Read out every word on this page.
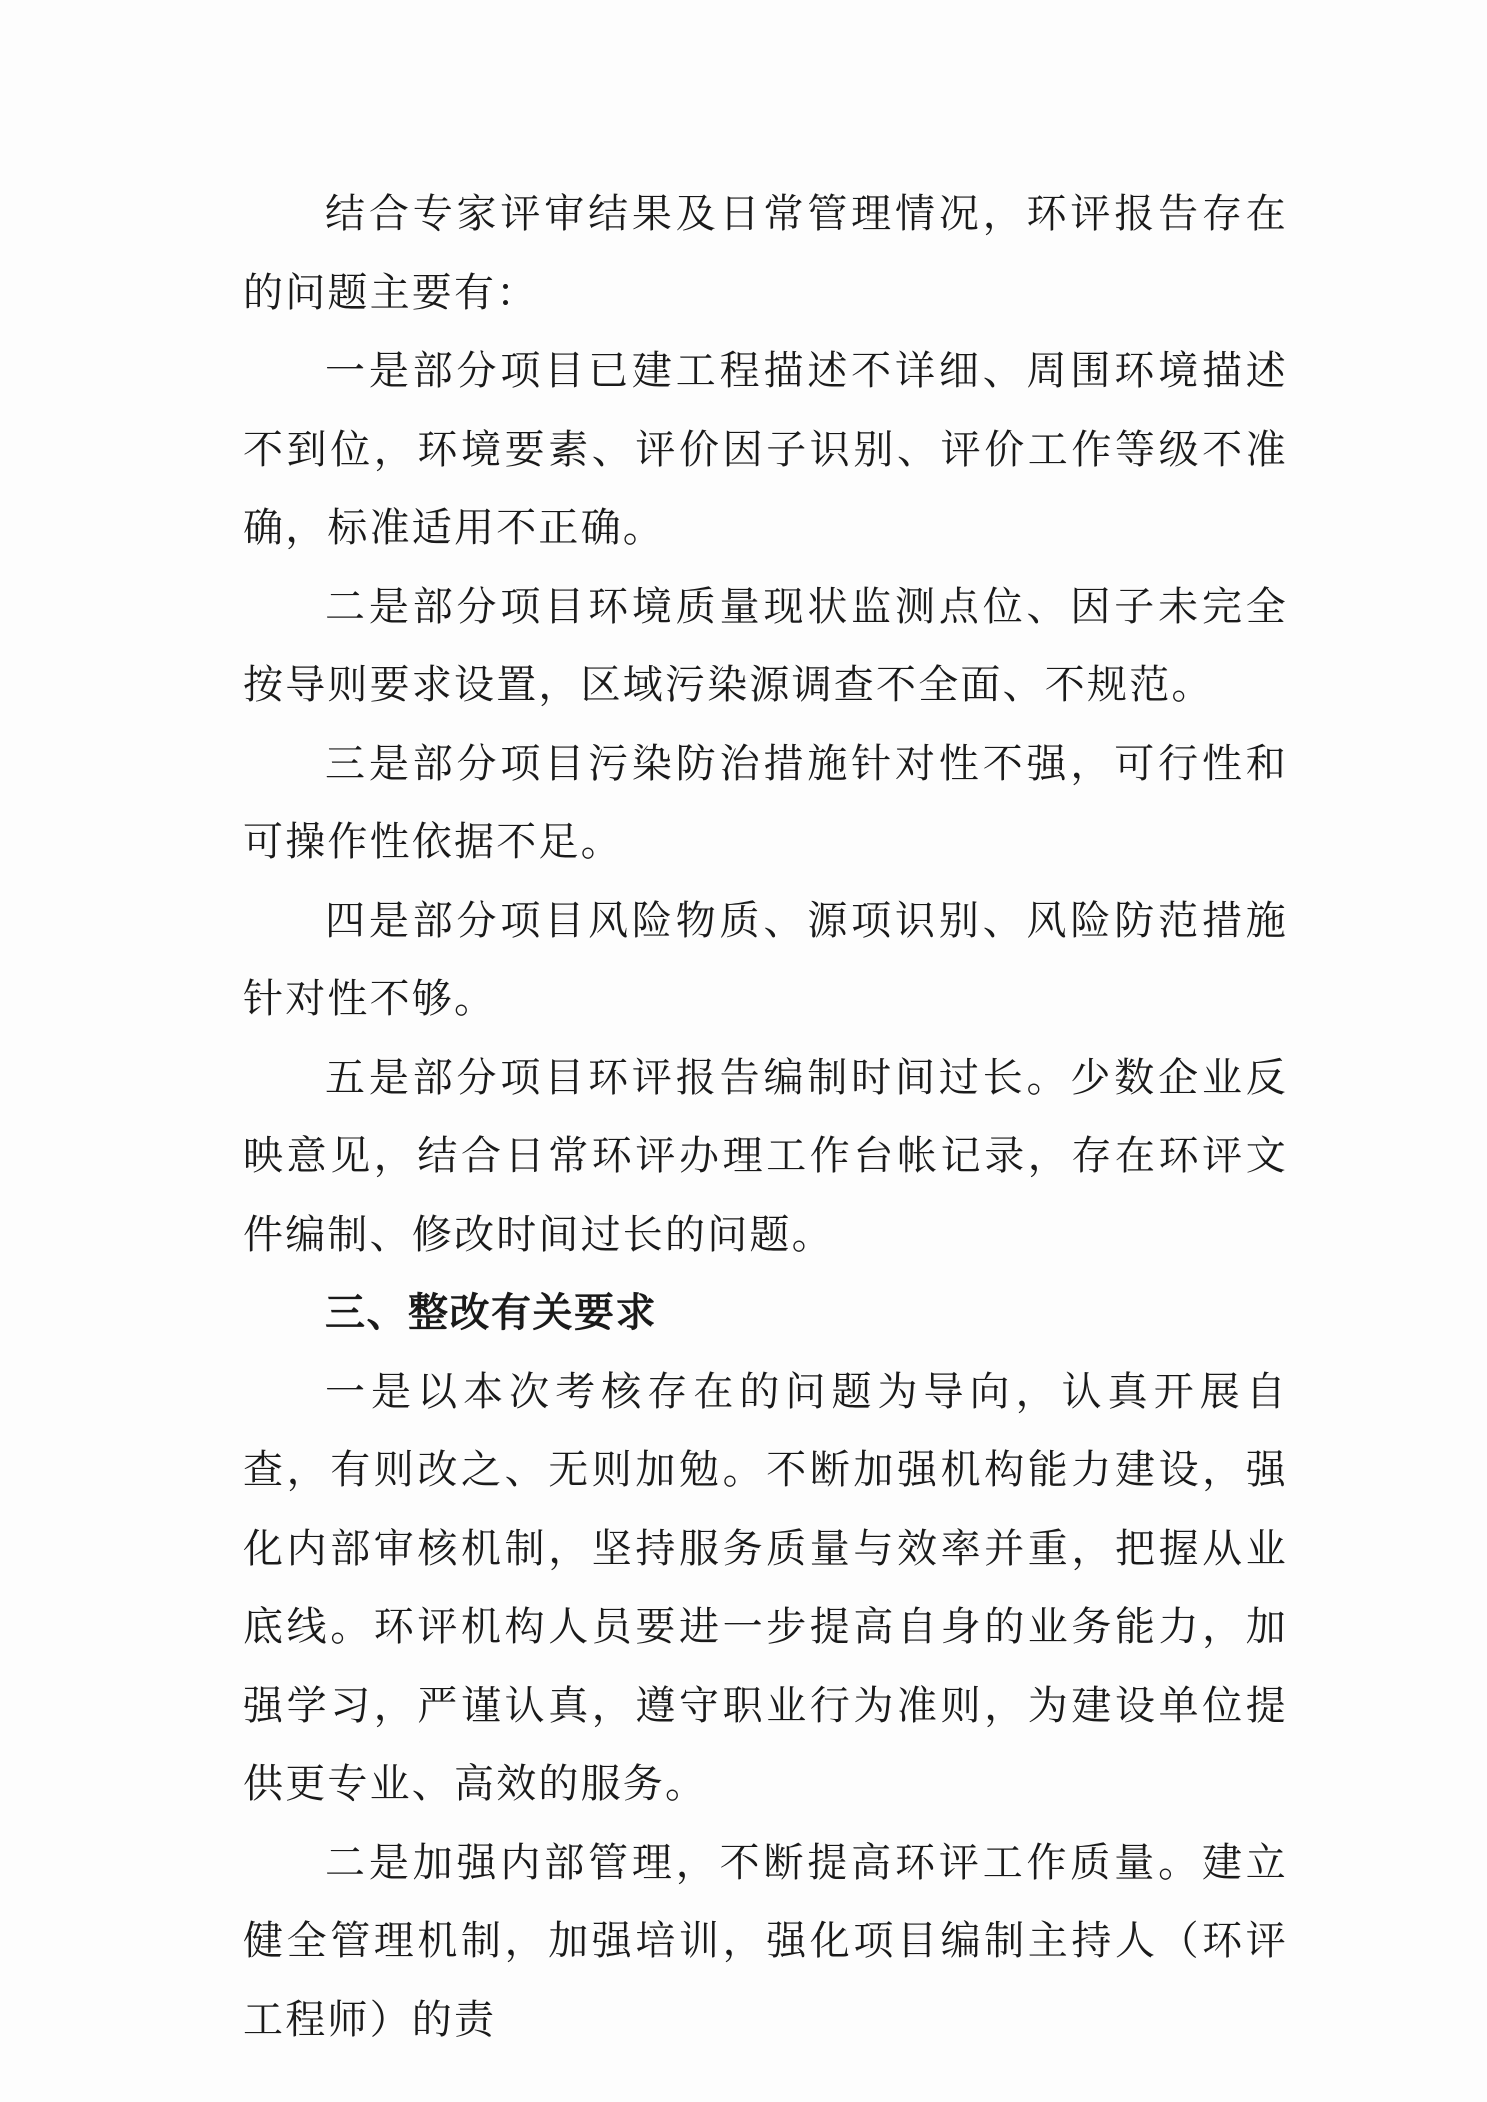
结合专家评审结果及日常管理情况，环评报告存在的问题主要有：

一是部分项目已建工程描述不详细、周围环境描述不到位，环境要素、评价因子识别、评价工作等级不准确，标准适用不正确。

二是部分项目环境质量现状监测点位、因子未完全按导则要求设置，区域污染源调查不全面、不规范。

三是部分项目污染防治措施针对性不强，可行性和可操作性依据不足。

四是部分项目风险物质、源项识别、风险防范措施针对性不够。

五是部分项目环评报告编制时间过长。少数企业反映意见，结合日常环评办理工作台帐记录，存在环评文件编制、修改时间过长的问题。

三、整改有关要求

一是以本次考核存在的问题为导向，认真开展自查，有则改之、无则加勉。不断加强机构能力建设，强化内部审核机制，坚持服务质量与效率并重，把握从业底线。环评机构人员要进一步提高自身的业务能力，加强学习，严谨认真，遵守职业行为准则，为建设单位提供更专业、高效的服务。

二是加强内部管理，不断提高环评工作质量。建立健全管理机制，加强培训，强化项目编制主持人（环评工程师）的责
